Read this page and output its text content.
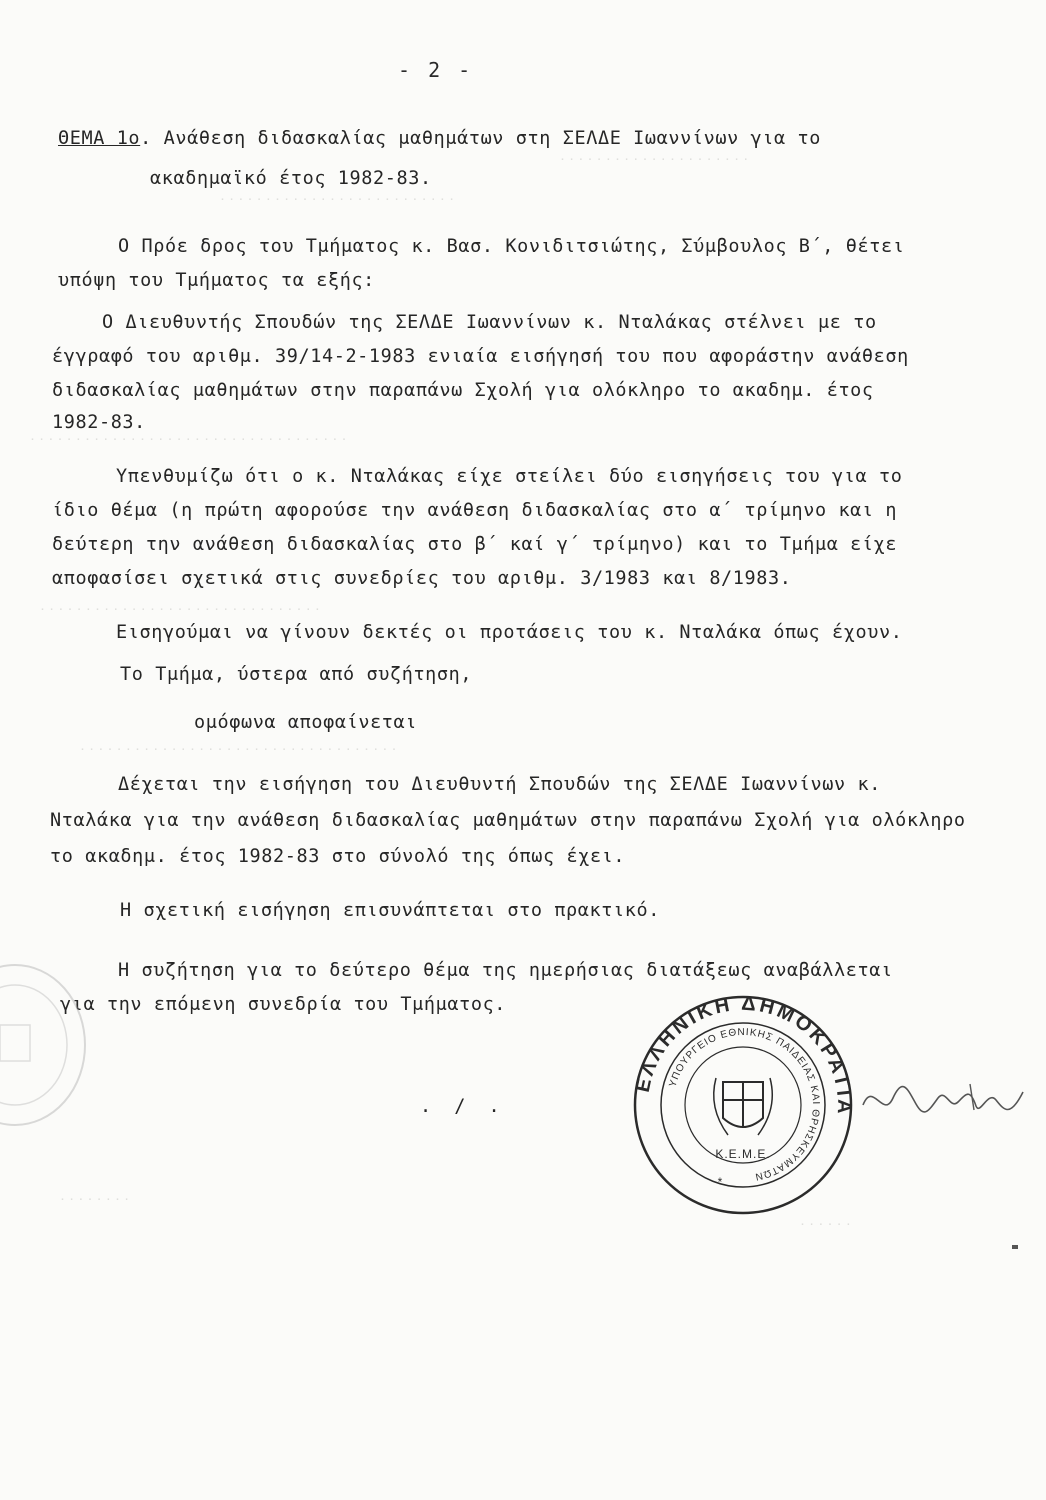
· · · · · · · · · · · · · · · · · · · · ·
· · · · · · · · · · · · · · · · · · · · · · · · · ·
· · · · · · · · · · · · · · · · · · · · · · · · · · · · · · · · · · ·
· · · · · · · · · · · · · · · · · · · · · · · · · · · · · · ·
· · · · · · · · · · · · · · · · · · · · · · · · · · · · · · · · · · ·
· · · · · · · ·
· · · · · ·
- 2 -
ΘΕΜΑ 1ο. Ανάθεση διδασκαλίας μαθημάτων στη ΣΕΛΔΕ Ιωαννίνων για το
ακαδημαϊκό έτος 1982-83.
Ο Πρόε δρος του Τμήματος κ. Βασ. Κονιδιτσιώτης, Σύμβουλος Β΄, θέτει
υπόψη του Τμήματος τα εξής:
Ο Διευθυντής Σπουδών της ΣΕΛΔΕ Ιωαννίνων κ. Νταλάκας στέλνει με το
έγγραφό του αριθμ. 39/14-2-1983 ενιαία εισήγησή του που αφοράστην ανάθεση
διδασκαλίας μαθημάτων στην παραπάνω Σχολή για ολόκληρο το ακαδημ. έτος
1982-83.
Υπενθυμίζω ότι ο κ. Νταλάκας είχε στείλει δύο εισηγήσεις του για το
ίδιο θέμα (η πρώτη αφορούσε την ανάθεση διδασκαλίας στο α΄ τρίμηνο και η
δεύτερη την ανάθεση διδασκαλίας στο β΄ καί γ΄ τρίμηνο) και το Τμήμα είχε
αποφασίσει σχετικά στις συνεδρίες του αριθμ. 3/1983 και 8/1983.
Εισηγούμαι να γίνουν δεκτές οι προτάσεις του κ. Νταλάκα όπως έχουν.
Το Τμήμα, ύστερα από συζήτηση,
ομόφωνα αποφαίνεται
Δέχεται την εισήγηση του Διευθυντή Σπουδών της ΣΕΛΔΕ Ιωαννίνων κ.
Νταλάκα για την ανάθεση διδασκαλίας μαθημάτων στην παραπάνω Σχολή για ολόκληρο
το ακαδημ. έτος 1982-83 στο σύνολό της όπως έχει.
Η σχετική εισήγηση επισυνάπτεται στο πρακτικό.
Η συζήτηση για το δεύτερο θέμα της ημερήσιας διατάξεως αναβάλλεται
για την επόμενη συνεδρία του Τμήματος.
. / .
ΕΛΛΗΝΙΚΗ ΔΗΜΟΚΡΑΤΙΑ
ΥΠΟΥΡΓΕΙΟ ΕΘΝΙΚΗΣ ΠΑΙΔΕΙΑΣ ΚΑΙ ΘΡΗΣΚΕΥΜΑΤΩΝ
Κ.Ε.Μ.Ε.
*
